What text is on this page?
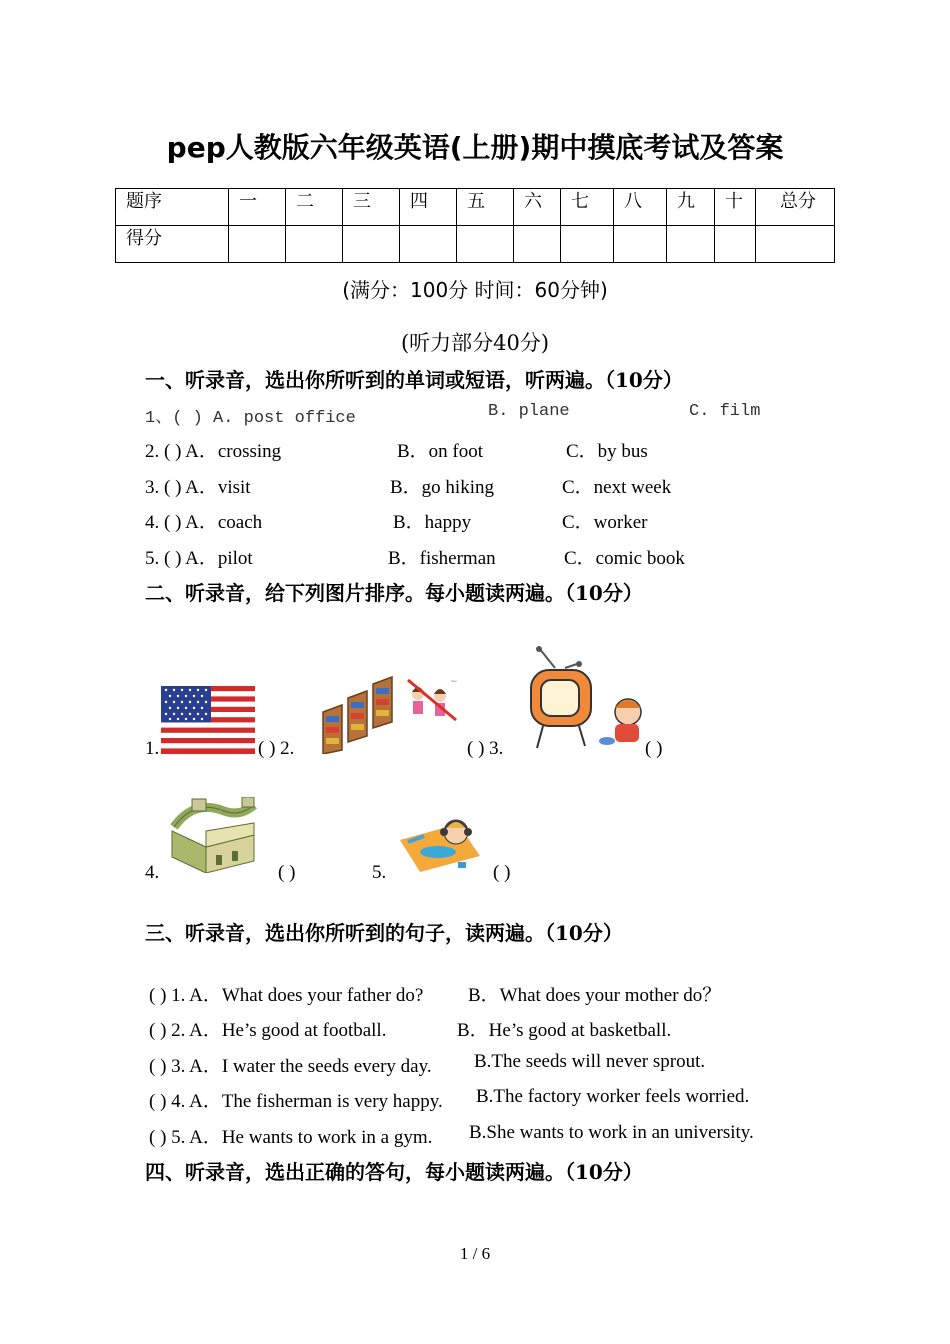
pep人教版六年级英语(上册)期中摸底考试及答案
题序	一	二	三	四	五	六	七	八	九	十	总分
得分											
(满分：100分 时间：60分钟)
(听力部分40分)
一、听录音，选出你所听到的单词或短语，听两遍。（10分）
1、( ) A. post office	B. plane	C. film
2. ( ) A．crossing	B．on foot	C．by bus
3. ( ) A．visit	B．go hiking	C．next week
4. ( ) A．coach	B．happy	C．worker
5. ( ) A．pilot	B．fisherman	C．comic book
二、听录音，给下列图片排序。每小题读两遍。（10分）
~
1.	( ) 2.	( ) 3.	( )
4.	( )	5.	( )
三、听录音，选出你所听到的句子，读两遍。（10分）
( ) 1. A．What does your father do? B．What does your mother do？
( ) 2. A．He’s good at football.	B．He’s good at basketball.
( ) 3. A．I water the seeds every day. B.The seeds will never sprout.
( ) 4. A．The fisherman is very happy. B.The factory worker feels worried.
( ) 5. A．He wants to work in a gym. B.She wants to work in an university.
四、听录音，选出正确的答句，每小题读两遍。（10分）
1 / 6
